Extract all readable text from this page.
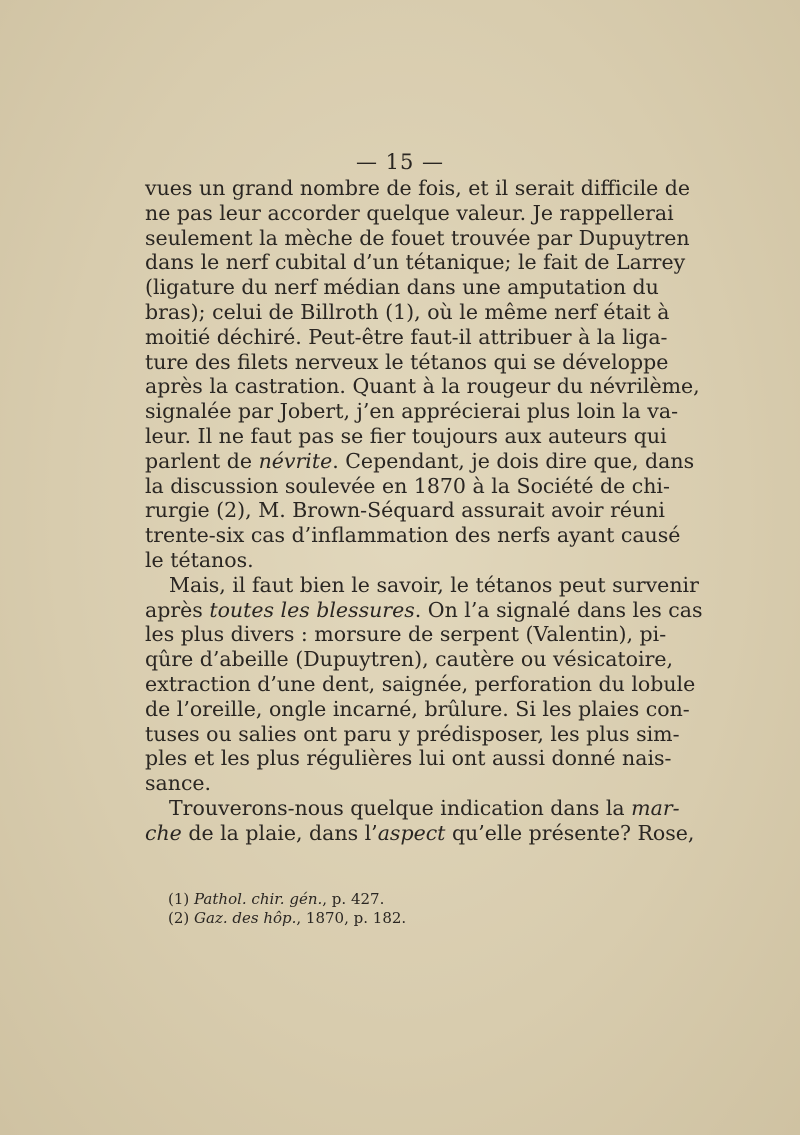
— 15 —
vues un grand nombre de fois, et il serait difficile de
ne pas leur accorder quelque valeur. Je rappellerai
seulement la mèche de fouet trouvée par Dupuytren
dans le nerf cubital d’un tétanique; le fait de Larrey
(ligature du nerf médian dans une amputation du
bras); celui de Billroth (1), où le même nerf était à
moitié déchiré. Peut-être faut-il attribuer à la liga-
ture des filets nerveux le tétanos qui se développe
après la castration. Quant à la rougeur du névrilème,
signalée par Jobert, j’en apprécierai plus loin la va-
leur. Il ne faut pas se fier toujours aux auteurs qui
parlent de névrite. Cependant, je dois dire que, dans
la discussion soulevée en 1870 à la Société de chi-
rurgie (2), M. Brown-Séquard assurait avoir réuni
trente-six cas d’inflammation des nerfs ayant causé
le tétanos.
Mais, il faut bien le savoir, le tétanos peut survenir
après toutes les blessures. On l’a signalé dans les cas
les plus divers : morsure de serpent (Valentin), pi-
qûre d’abeille (Dupuytren), cautère ou vésicatoire,
extraction d’une dent, saignée, perforation du lobule
de l’oreille, ongle incarné, brûlure. Si les plaies con-
tuses ou salies ont paru y prédisposer, les plus sim-
ples et les plus régulières lui ont aussi donné nais-
sance.
Trouverons-nous quelque indication dans la mar-
che de la plaie, dans l’aspect qu’elle présente? Rose,
(1) Pathol. chir. gén., p. 427.
(2) Gaz. des hôp., 1870, p. 182.
